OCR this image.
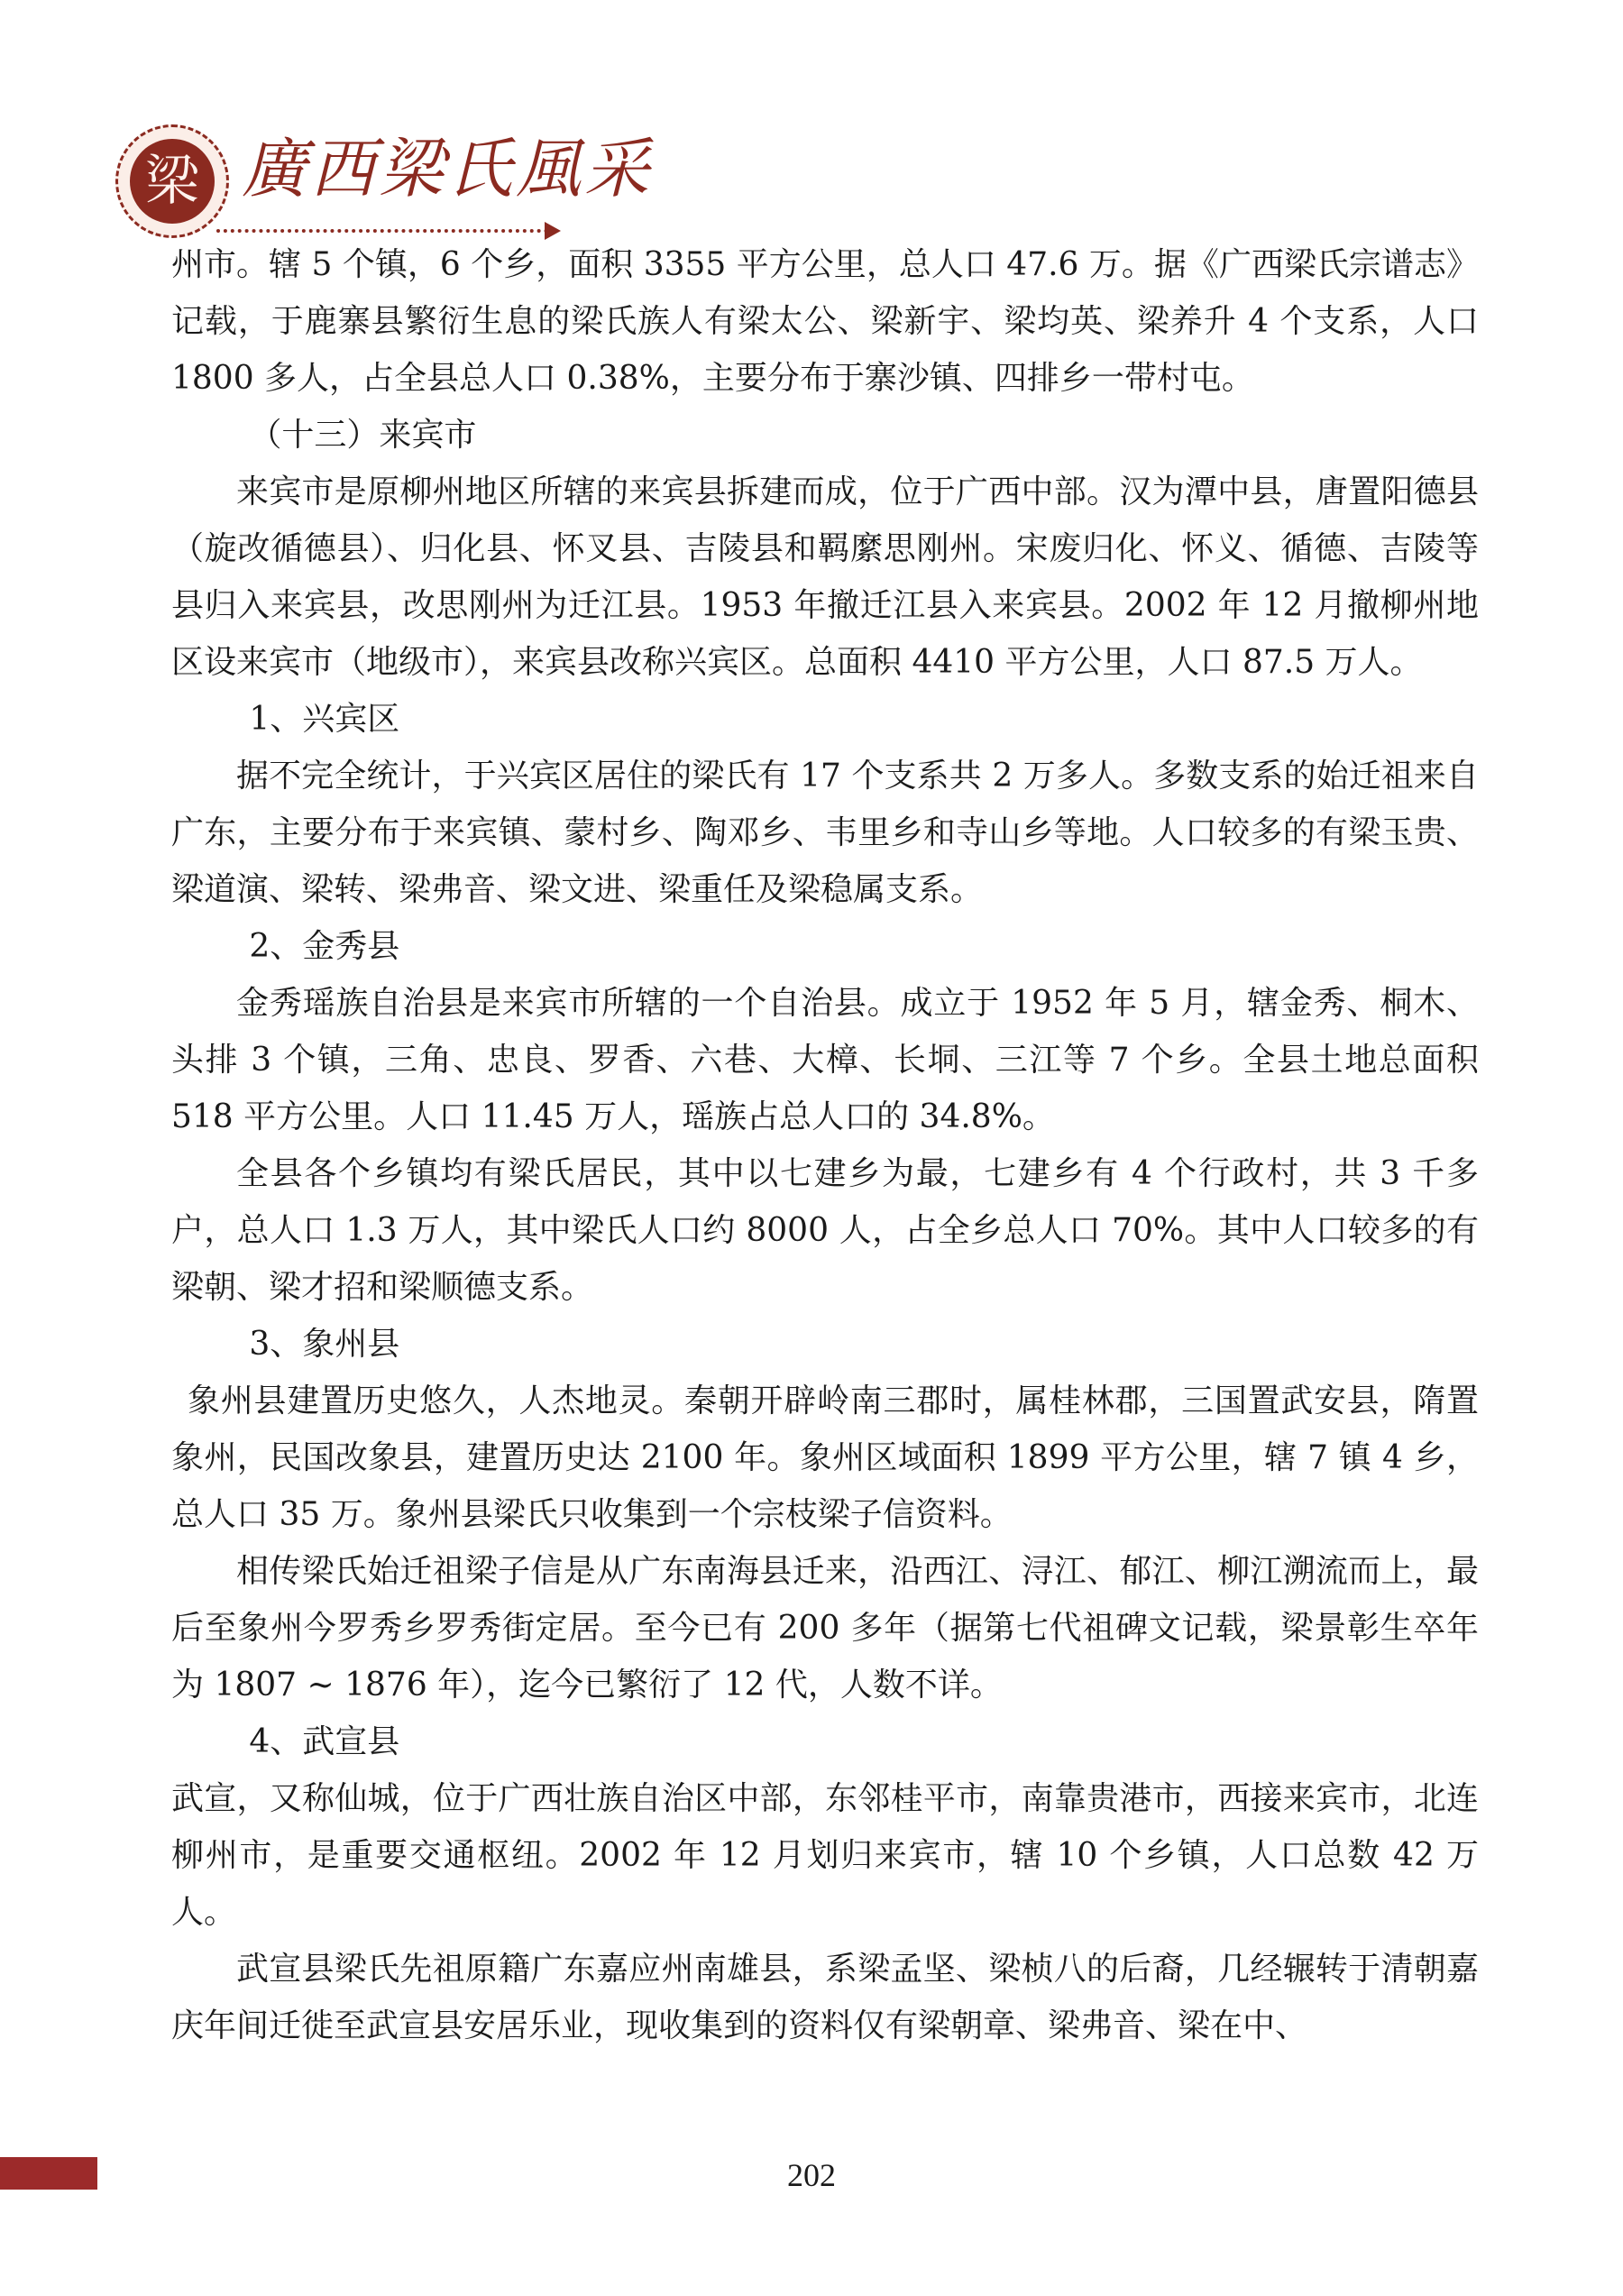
梁 廣西梁氏風采

州市。辖 5 个镇，6 个乡，面积 3355 平方公里，总人口 47.6 万。据《广西梁氏宗谱志》记载，于鹿寨县繁衍生息的梁氏族人有梁太公、梁新宇、梁均英、梁养升 4 个支系，人口 1800 多人，占全县总人口 0.38%，主要分布于寨沙镇、四排乡一带村屯。

（十三）来宾市

来宾市是原柳州地区所辖的来宾县拆建而成，位于广西中部。汉为潭中县，唐置阳德县（旋改循德县）、归化县、怀叉县、吉陵县和羁縻思刚州。宋废归化、怀义、循德、吉陵等县归入来宾县，改思刚州为迁江县。1953 年撤迁江县入来宾县。2002 年 12 月撤柳州地区设来宾市（地级市），来宾县改称兴宾区。总面积 4410 平方公里，人口 87.5 万人。

1、兴宾区

据不完全统计，于兴宾区居住的梁氏有 17 个支系共 2 万多人。多数支系的始迁祖来自广东，主要分布于来宾镇、蒙村乡、陶邓乡、韦里乡和寺山乡等地。人口较多的有梁玉贵、梁道演、梁转、梁弗音、梁文进、梁重任及梁稳属支系。

2、金秀县

金秀瑶族自治县是来宾市所辖的一个自治县。成立于 1952 年 5 月，辖金秀、桐木、头排 3 个镇，三角、忠良、罗香、六巷、大樟、长垌、三江等 7 个乡。全县土地总面积 518 平方公里。人口 11.45 万人，瑶族占总人口的 34.8%。

全县各个乡镇均有梁氏居民，其中以七建乡为最，七建乡有 4 个行政村，共 3 千多户，总人口 1.3 万人，其中梁氏人口约 8000 人，占全乡总人口 70%。其中人口较多的有梁朝、梁才招和梁顺德支系。

3、象州县

象州县建置历史悠久，人杰地灵。秦朝开辟岭南三郡时，属桂林郡，三国置武安县，隋置象州，民国改象县，建置历史达 2100 年。象州区域面积 1899 平方公里，辖 7 镇 4 乡，总人口 35 万。象州县梁氏只收集到一个宗枝梁子信资料。

相传梁氏始迁祖梁子信是从广东南海县迁来，沿西江、浔江、郁江、柳江溯流而上，最后至象州今罗秀乡罗秀街定居。至今已有 200 多年（据第七代祖碑文记载，梁景彰生卒年为 1807 ~ 1876 年），迄今已繁衍了 12 代，人数不详。

4、武宣县

武宣，又称仙城，位于广西壮族自治区中部，东邻桂平市，南靠贵港市，西接来宾市，北连柳州市，是重要交通枢纽。2002 年 12 月划归来宾市，辖 10 个乡镇，人口总数 42 万人。

武宣县梁氏先祖原籍广东嘉应州南雄县，系梁孟坚、梁桢八的后裔，几经辗转于清朝嘉庆年间迁徙至武宣县安居乐业，现收集到的资料仅有梁朝章、梁弗音、梁在中、

202
